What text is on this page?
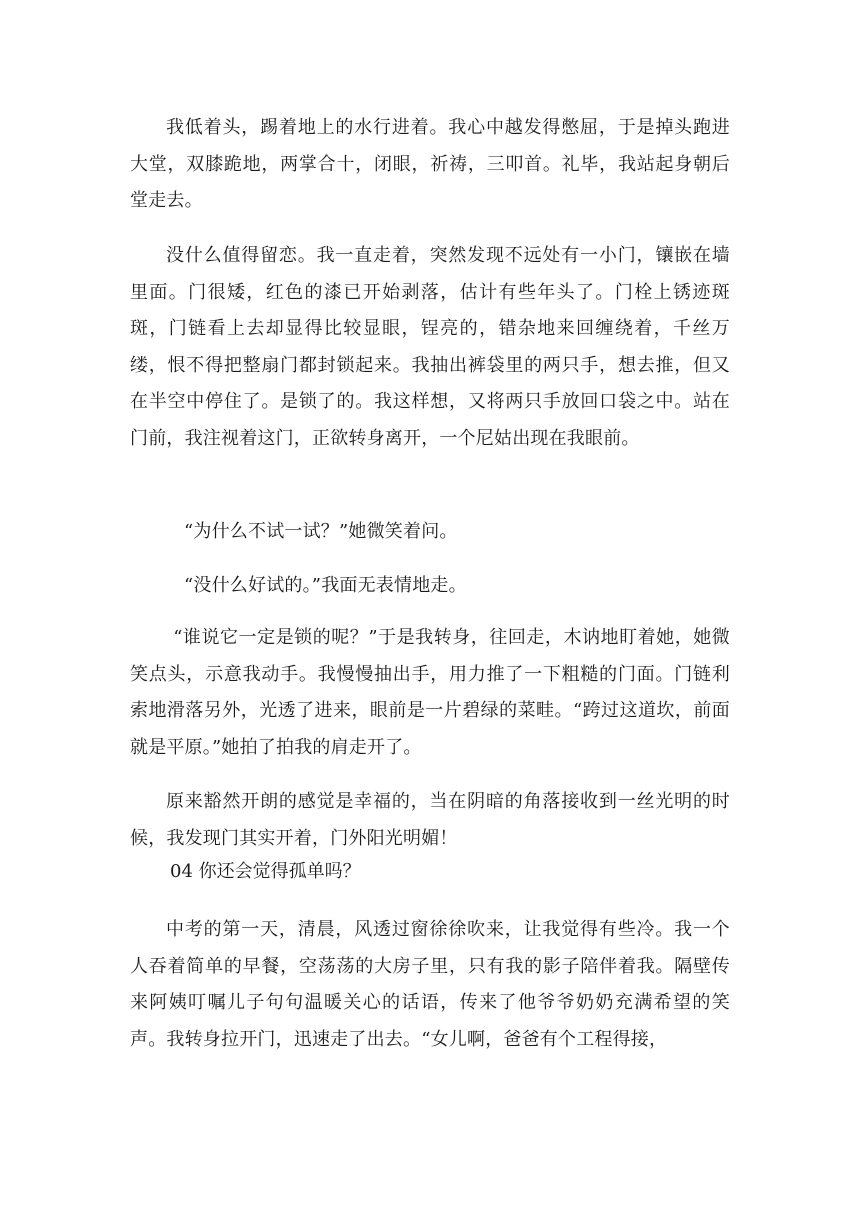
我低着头，踢着地上的水行进着。我心中越发得憋屈，于是掉头跑进大堂，双膝跪地，两掌合十，闭眼，祈祷，三叩首。礼毕，我站起身朝后堂走去。

没什么值得留恋。我一直走着，突然发现不远处有一小门，镶嵌在墙里面。门很矮，红色的漆已开始剥落，估计有些年头了。门栓上锈迹斑斑，门链看上去却显得比较显眼，锃亮的，错杂地来回缠绕着，千丝万缕，恨不得把整扇门都封锁起来。我抽出裤袋里的两只手，想去推，但又在半空中停住了。是锁了的。我这样想，又将两只手放回口袋之中。站在门前，我注视着这门，正欲转身离开，一个尼姑出现在我眼前。

“为什么不试一试？”她微笑着问。

“没什么好试的。”我面无表情地走。

“谁说它一定是锁的呢？”于是我转身，往回走，木讷地盯着她，她微笑点头，示意我动手。我慢慢抽出手，用力推了一下粗糙的门面。门链利索地滑落另外，光透了进来，眼前是一片碧绿的菜畦。“跨过这道坎，前面就是平原。”她拍了拍我的肩走开了。

原来豁然开朗的感觉是幸福的，当在阴暗的角落接收到一丝光明的时候，我发现门其实开着，门外阳光明媚！

04 你还会觉得孤单吗？

中考的第一天，清晨，风透过窗徐徐吹来，让我觉得有些冷。我一个人吞着简单的早餐，空荡荡的大房子里，只有我的影子陪伴着我。隔壁传来阿姨叮嘱儿子句句温暖关心的话语，传来了他爷爷奶奶充满希望的笑声。我转身拉开门，迅速走了出去。“女儿啊，爸爸有个工程得接，
